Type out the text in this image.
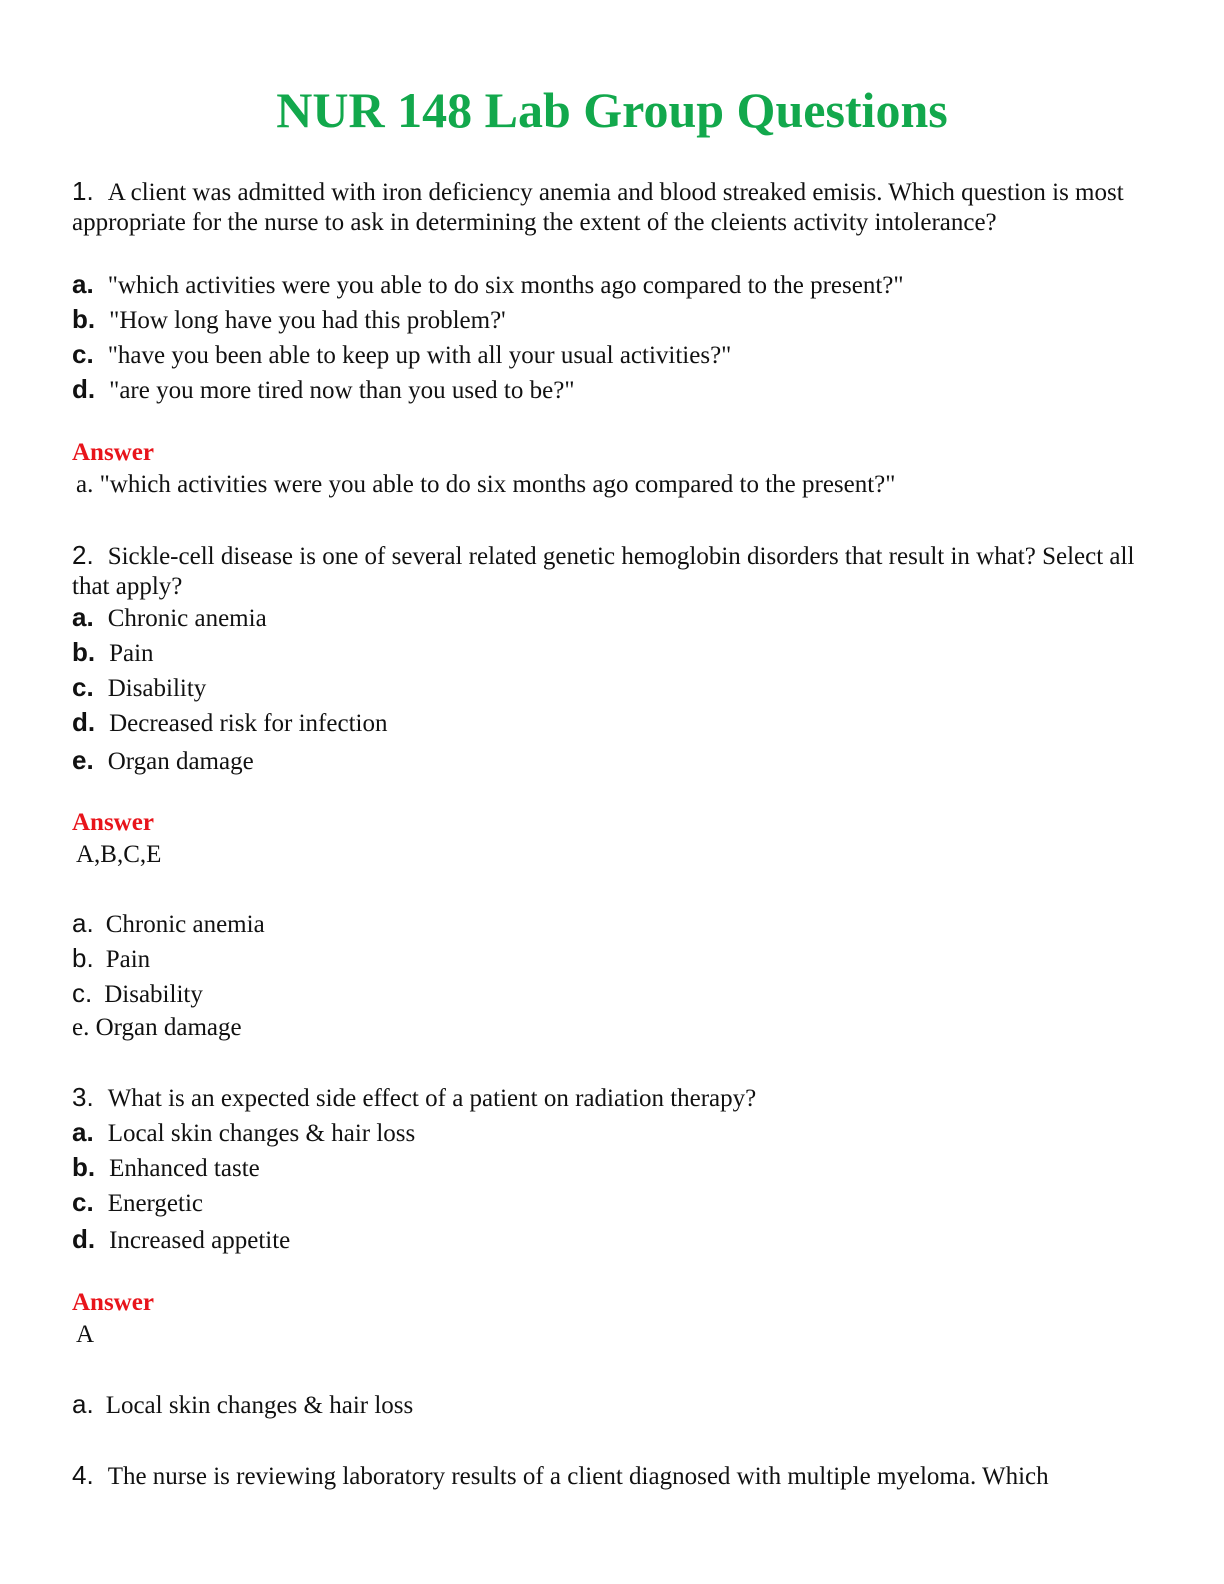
NUR 148 Lab Group Questions
1. A client was admitted with iron deficiency anemia and blood streaked emisis. Which question is most appropriate for the nurse to ask in determining the extent of the cleients activity intolerance?
a. "which activities were you able to do six months ago compared to the present?"
b. "How long have you had this problem?'
c. "have you been able to keep up with all your usual activities?"
d. "are you more tired now than you used to be?"
Answer
a. "which activities were you able to do six months ago compared to the present?"
2. Sickle-cell disease is one of several related genetic hemoglobin disorders that result in what? Select all that apply?
a. Chronic anemia
b. Pain
c. Disability
d. Decreased risk for infection
e. Organ damage
Answer
A,B,C,E
a. Chronic anemia
b. Pain
c. Disability
e. Organ damage
3. What is an expected side effect of a patient on radiation therapy?
a. Local skin changes & hair loss
b. Enhanced taste
c. Energetic
d. Increased appetite
Answer
A
a. Local skin changes & hair loss
4. The nurse is reviewing laboratory results of a client diagnosed with multiple myeloma. Which
